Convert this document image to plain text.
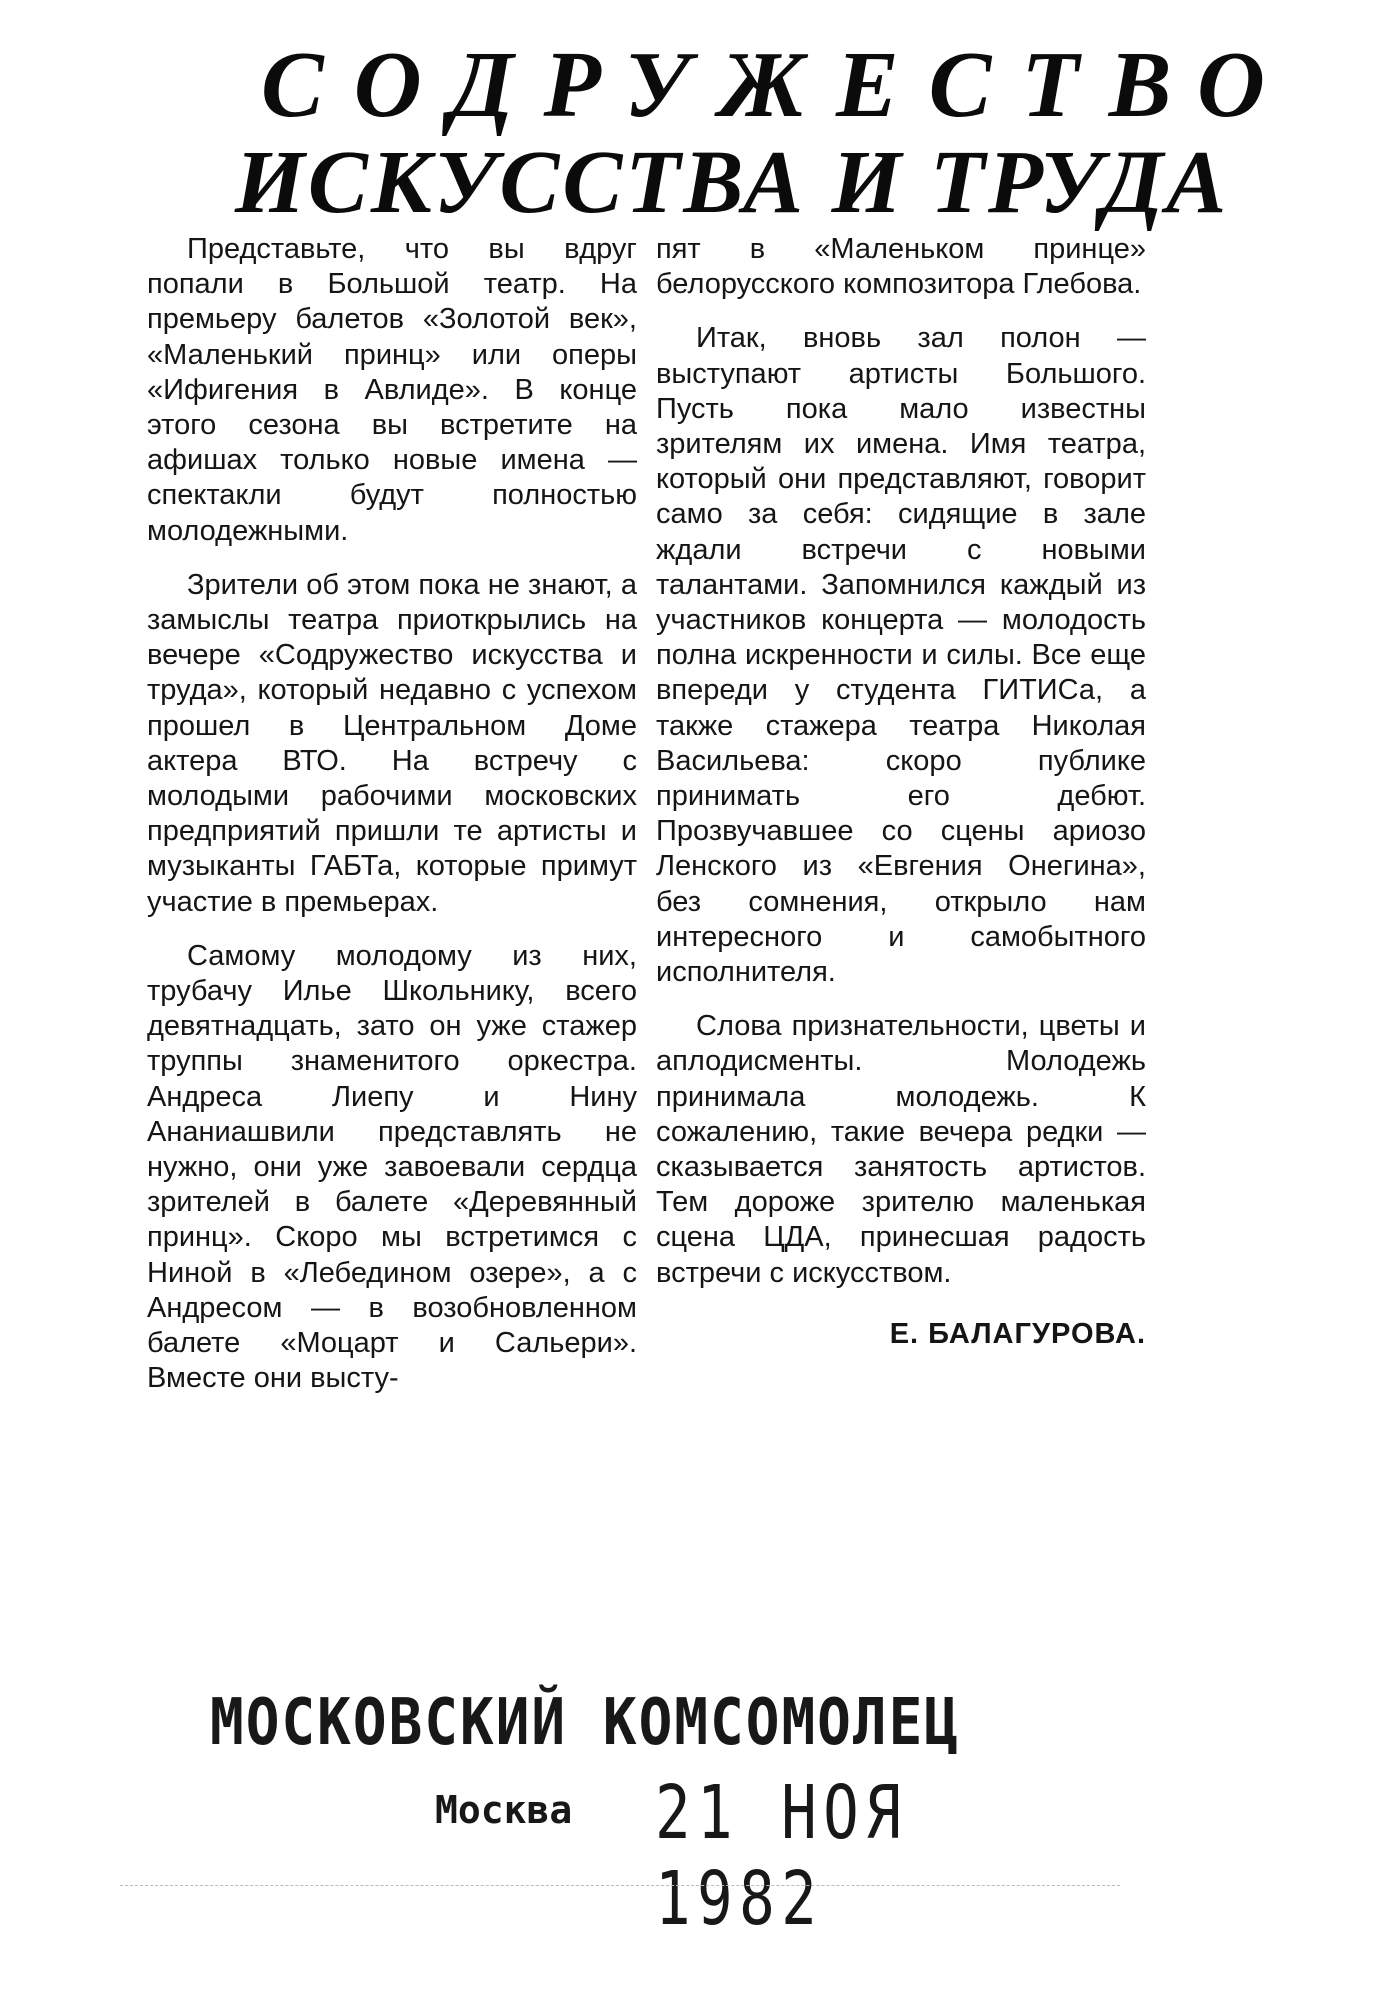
СОДРУЖЕСТВО
ИСКУССТВА И ТРУДА

Представьте, что вы вдруг попали в Большой театр. На премьеру балетов «Золотой век», «Маленький принц» или оперы «Ифигения в Авлиде». В конце этого сезона вы встретите на афишах только новые имена — спектакли будут полностью молодежными.

Зрители об этом пока не знают, а замыслы театра приоткрылись на вечере «Содружество искусства и труда», который недавно с успехом прошел в Центральном Доме актера ВТО. На встречу с молодыми рабочими московских предприятий пришли те артисты и музыканты ГАБТа, которые примут участие в премьерах.

Самому молодому из них, трубачу Илье Школьнику, всего девятнадцать, зато он уже стажер труппы знаменитого оркестра. Андреса Лиепу и Нину Ананиашвили представлять не нужно, они уже завоевали сердца зрителей в балете «Деревянный принц». Скоро мы встретимся с Ниной в «Лебедином озере», а с Андресом — в возобновленном балете «Моцарт и Сальери». Вместе они высту-

пят в «Маленьком принце» белорусского композитора Глебова.

Итак, вновь зал полон — выступают артисты Большого. Пусть пока мало известны зрителям их имена. Имя театра, который они представляют, говорит само за себя: сидящие в зале ждали встречи с новыми талантами. Запомнился каждый из участников концерта — молодость полна искренности и силы. Все еще впереди у студента ГИТИСа, а также стажера театра Николая Васильева: скоро публике принимать его дебют. Прозвучавшее со сцены ариозо Ленского из «Евгения Онегина», без сомнения, открыло нам интересного и самобытного исполнителя.

Слова признательности, цветы и аплодисменты. Молодежь принимала молодежь. К сожалению, такие вечера редки — сказывается занятость артистов. Тем дороже зрителю маленькая сцена ЦДА, принесшая радость встречи с искусством.

Е. БАЛАГУРОВА.
МОСКОВСКИЙ КОМСОМОЛЕЦ
Москва 21 НОЯ 1982
